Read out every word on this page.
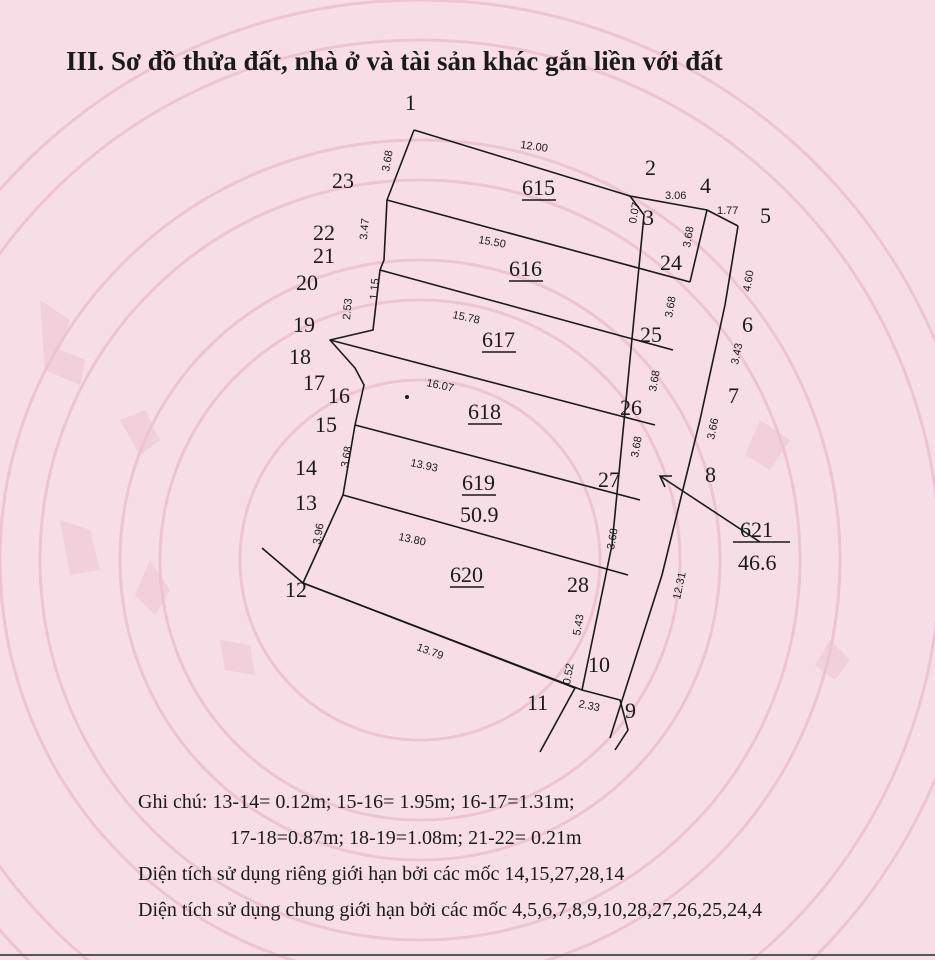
III. Sơ đồ thửa đất, nhà ở và tài sản khác gắn liền với đất
1
2
3
4
5
6
7
8
9
10
11
12
13
14
15
16
17
18
19
20
21
22
23
24
25
26
27
28
615
616
617
618
619
50.9
620
621
46.6
12.00
3.06
1.77
0.07
3.68
3.47
15.50
1.15
2.53	15.78
16.07
3.68	13.93
13.80
13.79
3.96
3.68
3.68
3.68
3.68
3.68
5.43
0.52
2.33
12.31
4.60
3.43
3.66
Ghi chú: 13-14= 0.12m; 15-16= 1.95m; 16-17=1.31m;
17-18=0.87m; 18-19=1.08m; 21-22= 0.21m
Diện tích sử dụng riêng giới hạn bởi các mốc 14,15,27,28,14
Diện tích sử dụng chung giới hạn bởi các mốc 4,5,6,7,8,9,10,28,27,26,25,24,4
